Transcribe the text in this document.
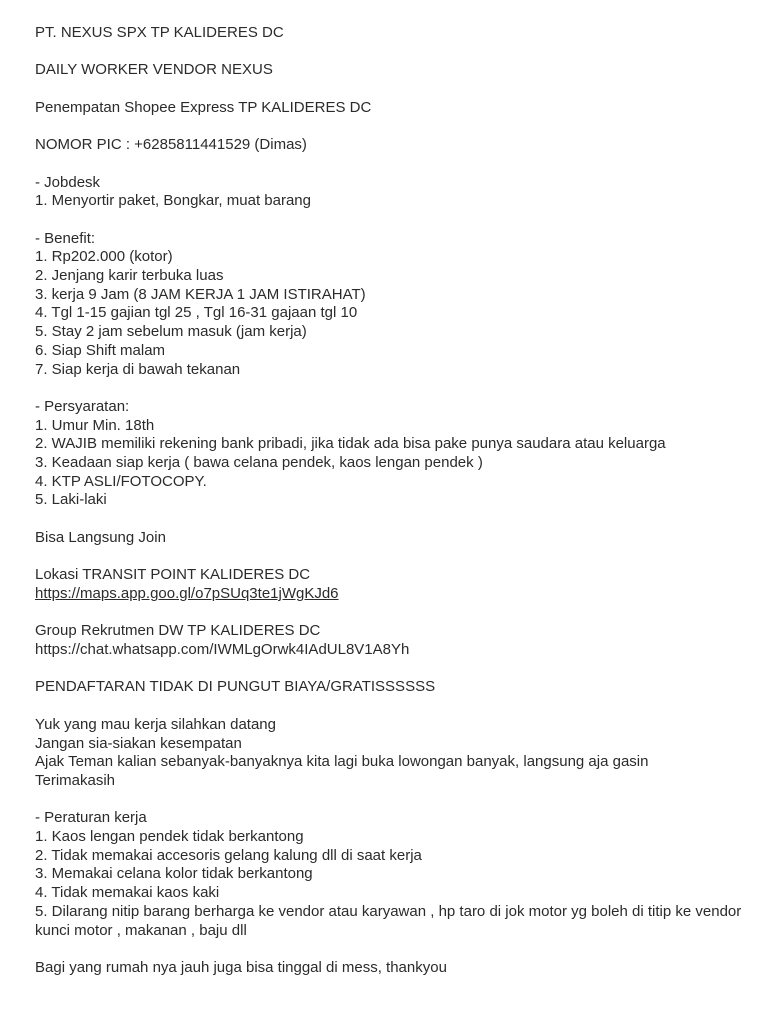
PT. NEXUS SPX TP KALIDERES DC
DAILY WORKER VENDOR NEXUS
Penempatan Shopee Express TP KALIDERES DC
NOMOR PIC : +6285811441529 (Dimas)
- Jobdesk
1. Menyortir paket, Bongkar, muat barang
- Benefit:
1. Rp202.000 (kotor)
2. Jenjang karir terbuka luas
3. kerja 9 Jam (8 JAM KERJA 1 JAM ISTIRAHAT)
4. Tgl 1-15 gajian tgl 25 , Tgl 16-31 gajaan tgl 10
5. Stay 2 jam sebelum masuk (jam kerja)
6. Siap Shift malam
7. Siap kerja di bawah tekanan
- Persyaratan:
1. Umur Min. 18th
2. WAJIB memiliki rekening bank pribadi, jika tidak ada bisa pake punya saudara atau keluarga
3. Keadaan siap kerja ( bawa celana pendek, kaos lengan pendek )
4. KTP ASLI/FOTOCOPY.
5. Laki-laki
Bisa Langsung Join
Lokasi TRANSIT POINT KALIDERES DC
https://maps.app.goo.gl/o7pSUq3te1jWgKJd6
Group Rekrutmen DW TP KALIDERES DC
https://chat.whatsapp.com/IWMLgOrwk4IAdUL8V1A8Yh
PENDAFTARAN TIDAK DI PUNGUT BIAYA/GRATISSSSSS
Yuk yang mau kerja silahkan datang
Jangan sia-siakan kesempatan
Ajak Teman kalian sebanyak-banyaknya kita lagi buka lowongan banyak, langsung aja gasin
Terimakasih
- Peraturan kerja
1. Kaos lengan pendek tidak berkantong
2. Tidak memakai accesoris gelang kalung dll di saat kerja
3. Memakai celana kolor tidak berkantong
4. Tidak memakai kaos kaki
5. Dilarang nitip barang berharga ke vendor atau karyawan , hp taro di jok motor yg boleh di titip ke vendor kunci motor , makanan , baju dll
Bagi yang rumah nya jauh juga bisa tinggal di mess, thankyou
